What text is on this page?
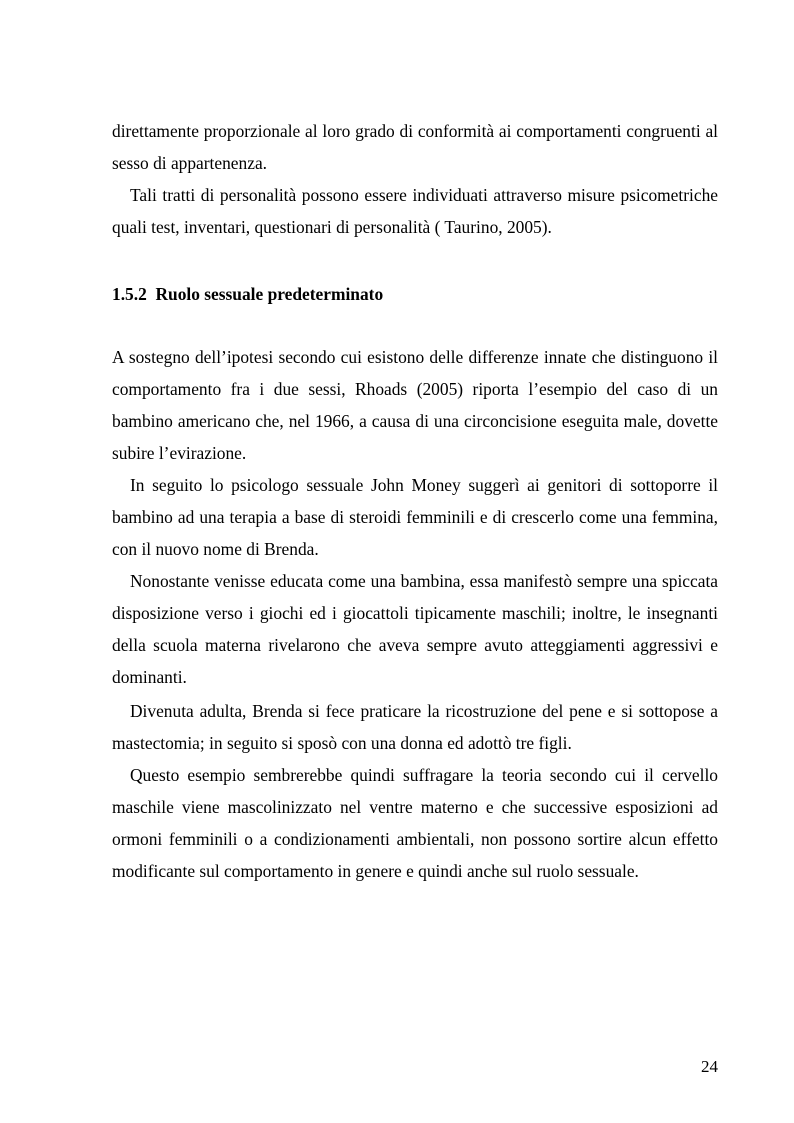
direttamente proporzionale al loro grado di conformità ai comportamenti congruenti al sesso di appartenenza.

Tali tratti di personalità possono essere individuati attraverso misure psicometriche quali test, inventari, questionari di personalità ( Taurino, 2005).

1.5.2  Ruolo sessuale predeterminato

A sostegno dell’ipotesi secondo cui esistono delle differenze innate che distinguono il comportamento fra i due sessi, Rhoads (2005) riporta l’esempio del caso di un bambino americano che, nel 1966, a causa di una circoncisione eseguita male, dovette subire l’evirazione.

In seguito lo psicologo sessuale John Money suggerì ai genitori di sottoporre il bambino ad una terapia a base di steroidi femminili e di crescerlo come una femmina, con il nuovo nome di Brenda.

Nonostante venisse educata come una bambina, essa manifestò sempre una spiccata disposizione verso i giochi ed i giocattoli tipicamente maschili; inoltre, le insegnanti della scuola materna rivelarono che aveva sempre avuto atteggiamenti aggressivi e dominanti.

Divenuta adulta, Brenda si fece praticare la ricostruzione del pene e si sottopose a mastectomia; in seguito si sposò con una donna ed adottò tre figli.

Questo esempio sembrerebbe quindi suffragare la teoria secondo cui il cervello maschile viene mascolinizzato nel ventre materno e che successive esposizioni ad ormoni femminili o a condizionamenti ambientali, non possono sortire alcun effetto modificante sul comportamento in genere e quindi anche sul ruolo sessuale.

24
